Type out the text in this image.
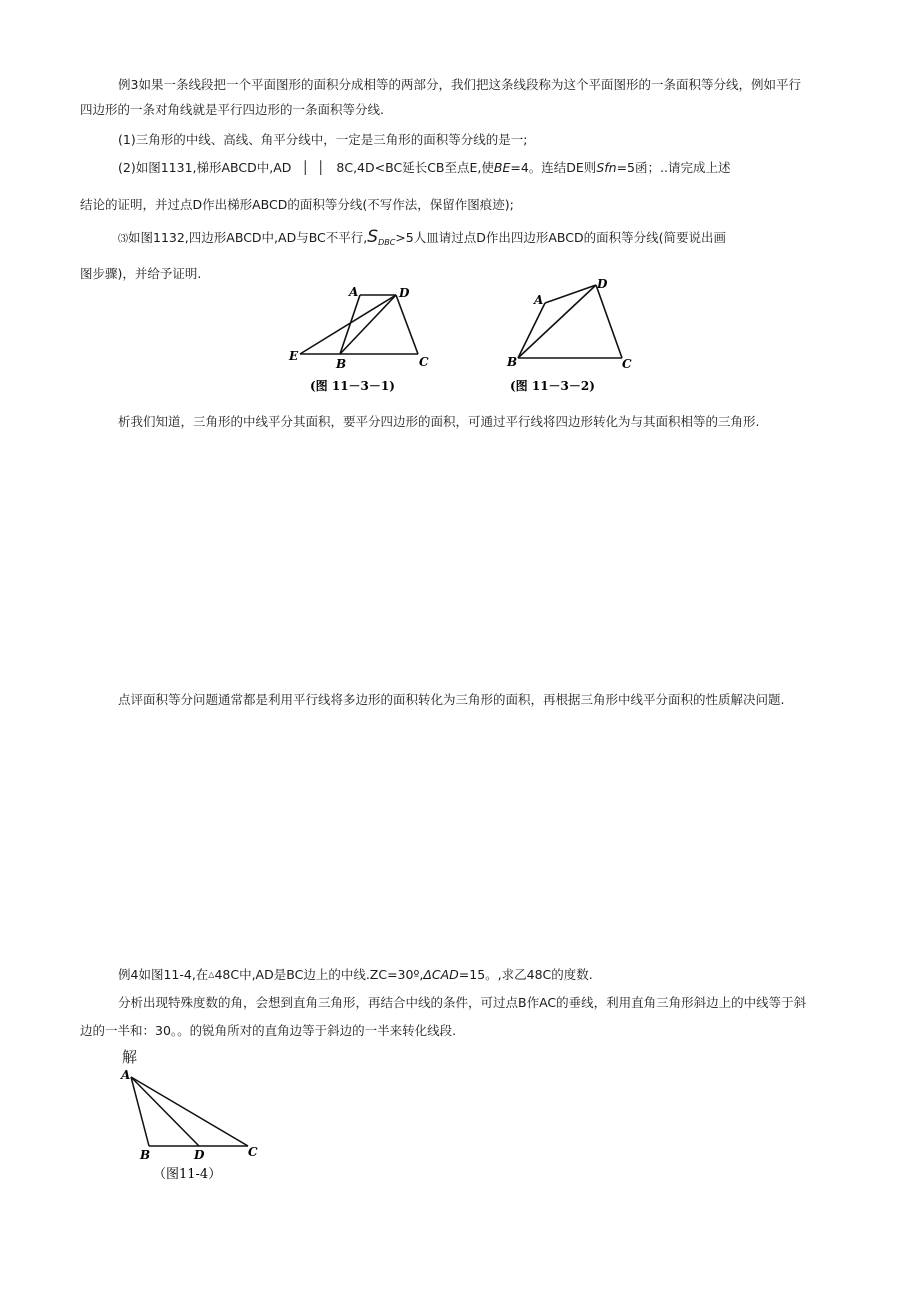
例3如果一条线段把一个平面图形的面积分成相等的两部分，我们把这条线段称为这个平面图形的一条面积等分线，例如平行
四边形的一条对角线就是平行四边形的一条面积等分线.
(1)三角形的中线、高线、角平分线中，一定是三角形的面积等分线的是一;
(2)如图1131,梯形ABCD中,AD │ │ 8C,4D<BC延长CB至点E,使BE=4。连结DE则Sfn=5函；..请完成上述
结论的证明，并过点D作出梯形ABCD的面积等分线(不写作法，保留作图痕迹);
⑶如图1132,四边形ABCD中,AD与BC不平行$,S_{DBC}>5$人皿请过点D作出四边形ABCD的面积等分线(简要说出画
图步骤)，并给予证明.
A	D
E
B	C
(图 11－3－1)
A
D
B	C
(图 11－3－2)
析我们知道，三角形的中线平分其面积，要平分四边形的面积，可通过平行线将四边形转化为与其面积相等的三角形.
点评面积等分问题通常都是利用平行线将多边形的面积转化为三角形的面积，再根据三角形中线平分面积的性质解决问题.
例4如图11-4,在△48C中,AD是BC边上的中线.ZC=30º,ΔCAD=15。,求乙48C的度数.
分析出现特殊度数的角，会想到直角三角形，再结合中线的条件，可过点B作AC的垂线，利用直角三角形斜边上的中线等于斜
边的一半和：30。。的锐角所对的直角边等于斜边的一半来转化线段.
解
A
B	D	C
（图11-4）
